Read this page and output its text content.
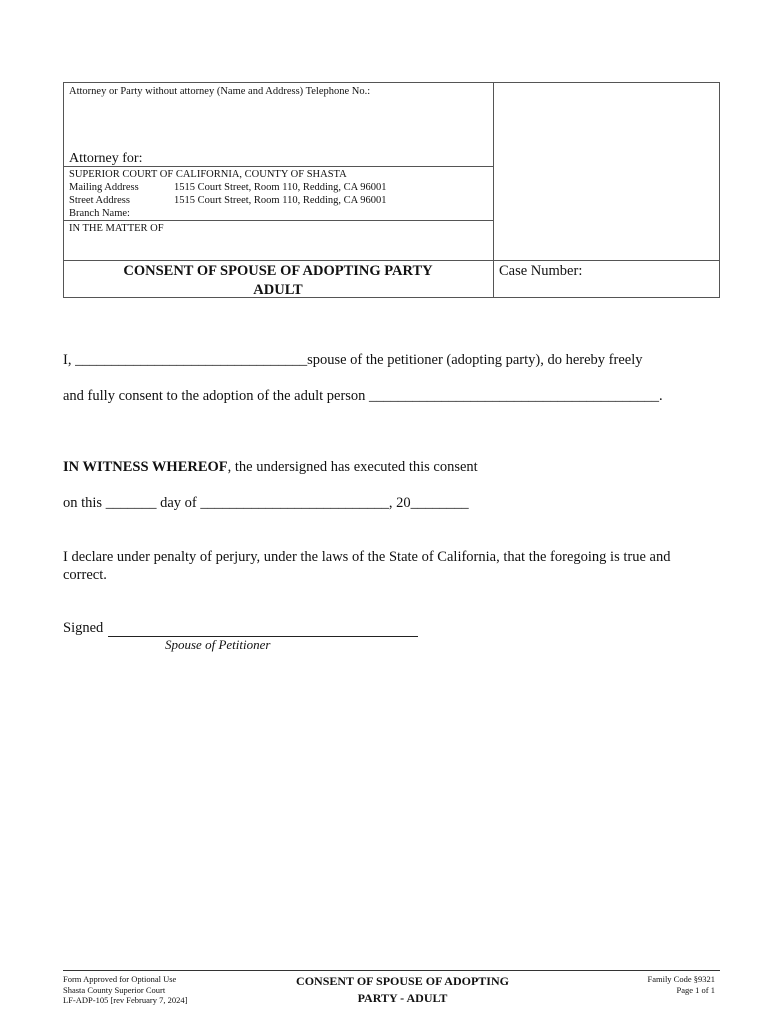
Attorney or Party without attorney (Name and Address) Telephone No.:
Attorney for:
SUPERIOR COURT OF CALIFORNIA, COUNTY OF SHASTA
Mailing Address	1515 Court Street, Room 110, Redding, CA 96001
Street Address	1515 Court Street, Room 110, Redding, CA 96001
Branch Name:
IN THE MATTER OF
CONSENT OF SPOUSE OF ADOPTING PARTY
ADULT
Case Number:
I, ________________________________spouse of the petitioner (adopting party), do hereby freely
and fully consent to the adoption of the adult person ________________________________________.
IN WITNESS WHEREOF, the undersigned has executed this consent
on this _______ day of __________________________, 20________
I declare under penalty of perjury, under the laws of the State of California, that the foregoing is true and
correct.
Signed
Spouse of Petitioner
Form Approved for Optional Use
Shasta County Superior Court
LF-ADP-105 [rev February 7, 2024]
CONSENT OF SPOUSE OF ADOPTING
PARTY - ADULT
Family Code §9321
Page 1 of 1
